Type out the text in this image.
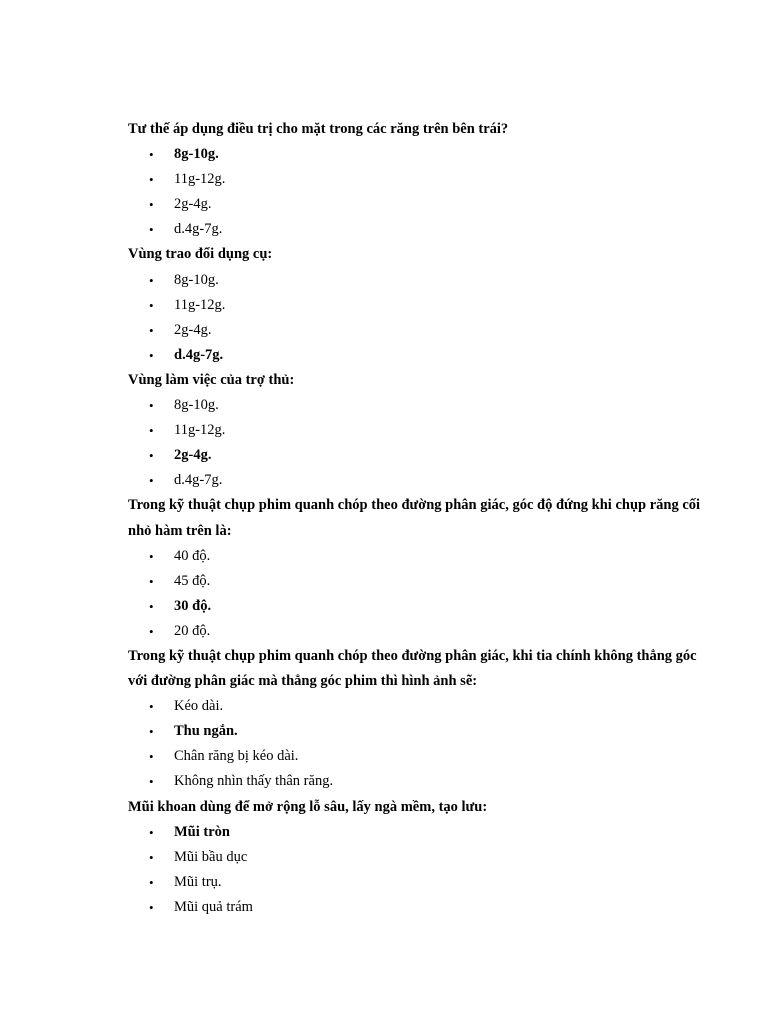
Tư thế áp dụng điều trị cho mặt trong các răng trên bên trái?

• 8g-10g.
• 11g-12g.
• 2g-4g.
• d.4g-7g.

Vùng trao đổi dụng cụ:

• 8g-10g.
• 11g-12g.
• 2g-4g.
• d.4g-7g.

Vùng làm việc của trợ thủ:

• 8g-10g.
• 11g-12g.
• 2g-4g.
• d.4g-7g.

Trong kỹ thuật chụp phim quanh chóp theo đường phân giác, góc độ đứng khi chụp răng cối nhỏ hàm trên là:

• 40 độ.
• 45 độ.
• 30 độ.
• 20 độ.

Trong kỹ thuật chụp phim quanh chóp theo đường phân giác, khi tia chính không thẳng góc với đường phân giác mà thẳng góc phim thì hình ảnh sẽ:

• Kéo dài.
• Thu ngắn.
• Chân răng bị kéo dài.
• Không nhìn thấy thân răng.

Mũi khoan dùng để mở rộng lỗ sâu, lấy ngà mềm, tạo lưu:

• Mũi tròn
• Mũi bầu dục
• Mũi trụ.
• Mũi quả trám
